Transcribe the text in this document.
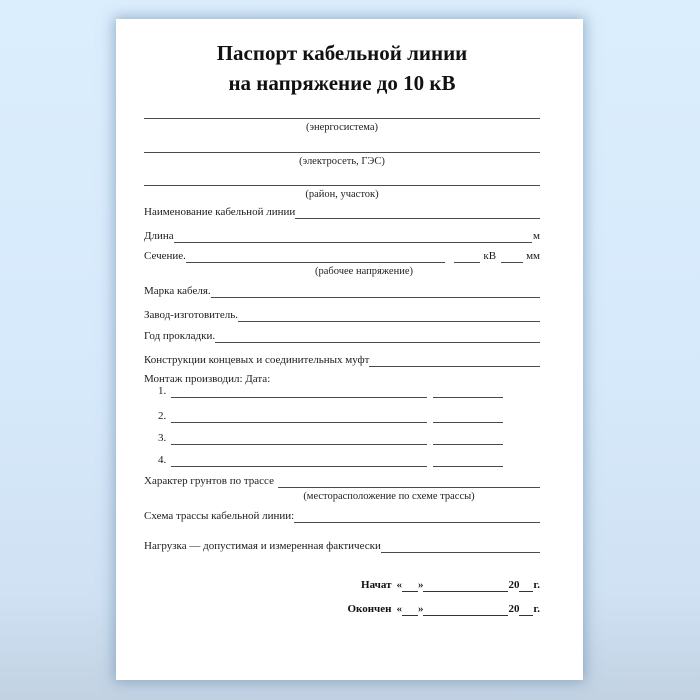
Паспорт кабельной линии
на напряжение до 10 кВ
(энергосистема)
(электросеть, ГЭС)
(район, участок)
Наименование кабельной линии
Длина	м
Сечение.	кВ	мм
(рабочее напряжение)
Марка кабеля.
Завод-изготовитель.
Год прокладки.
Конструкции концевых и соединительных муфт
Монтаж производил: Дата:
1.
2.
3.
4.
Характер грунтов по трассе
(месторасположение по схеме трассы)
Схема трассы кабельной линии:
Нагрузка — допустимая и измеренная фактически
Начат « »	20 г.
Окончен « »	20 г.
